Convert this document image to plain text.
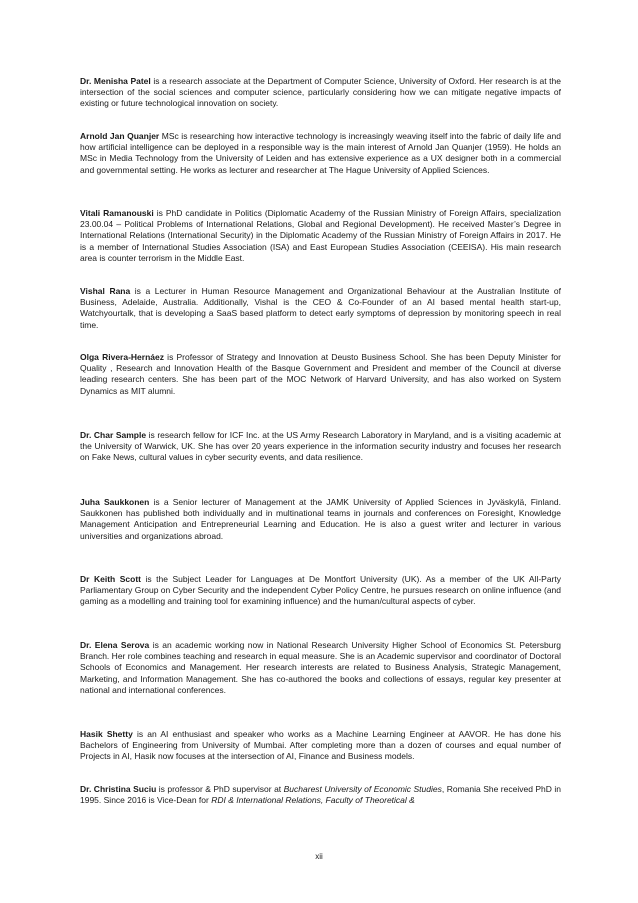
Dr. Menisha Patel is a research associate at the Department of Computer Science, University of Oxford. Her research is at the intersection of the social sciences and computer science, particularly considering how we can mitigate negative impacts of existing or future technological innovation on society.

Arnold Jan Quanjer MSc is researching how interactive technology is increasingly weaving itself into the fabric of daily life and how artificial intelligence can be deployed in a responsible way is the main interest of Arnold Jan Quanjer (1959). He holds an MSc in Media Technology from the University of Leiden and has extensive experience as a UX designer both in a commercial and governmental setting. He works as lecturer and researcher at The Hague University of Applied Sciences.

Vitali Ramanouski is PhD candidate in Politics (Diplomatic Academy of the Russian Ministry of Foreign Affairs, specialization 23.00.04 – Political Problems of International Relations, Global and Regional Development). He received Master’s Degree in International Relations (International Security) in the Diplomatic Academy of the Russian Ministry of Foreign Affairs in 2017. He is a member of International Studies Association (ISA) and East European Studies Association (CEEISA). His main research area is counter terrorism in the Middle East.

Vishal Rana is a Lecturer in Human Resource Management and Organizational Behaviour at the Australian Institute of Business, Adelaide, Australia. Additionally, Vishal is the CEO & Co-Founder of an AI based mental health start-up, Watchyourtalk, that is developing a SaaS based platform to detect early symptoms of depression by monitoring speech in real time.

Olga Rivera-Hernáez is Professor of Strategy and Innovation at Deusto Business School. She has been Deputy Minister for Quality , Research and Innovation Health of the Basque Government and President and member of the Council at diverse leading research centers. She has been part of the MOC Network of Harvard University, and has also worked on System Dynamics as MIT alumni.

Dr. Char Sample is research fellow for ICF Inc. at the US Army Research Laboratory in Maryland, and is a visiting academic at the University of Warwick, UK. She has over 20 years experience in the information security industry and focuses her research on Fake News, cultural values in cyber security events, and data resilience.

Juha Saukkonen is a Senior lecturer of Management at the JAMK University of Applied Sciences in Jyväskylä, Finland. Saukkonen has published both individually and in multinational teams in journals and conferences on Foresight, Knowledge Management Anticipation and Entrepreneurial Learning and Education. He is also a guest writer and lecturer in various universities and organizations abroad.

Dr Keith Scott is the Subject Leader for Languages at De Montfort University (UK). As a member of the UK All-Party Parliamentary Group on Cyber Security and the independent Cyber Policy Centre, he pursues research on online influence (and gaming as a modelling and training tool for examining influence) and the human/cultural aspects of cyber.

Dr. Elena Serova is an academic working now in National Research University Higher School of Economics St. Petersburg Branch. Her role combines teaching and research in equal measure. She is an Academic supervisor and coordinator of Doctoral Schools of Economics and Management. Her research interests are related to Business Analysis, Strategic Management, Marketing, and Information Management. She has co-authored the books and collections of essays, regular key presenter at national and international conferences.

Hasik Shetty is an AI enthusiast and speaker who works as a Machine Learning Engineer at AAVOR. He has done his Bachelors of Engineering from University of Mumbai. After completing more than a dozen of courses and equal number of Projects in AI, Hasik now focuses at the intersection of AI, Finance and Business models.

Dr. Christina Suciu is professor & PhD supervisor at Bucharest University of Economic Studies, Romania She received PhD in 1995. Since 2016 is Vice-Dean for RDI & International Relations, Faculty of Theoretical &

xii
